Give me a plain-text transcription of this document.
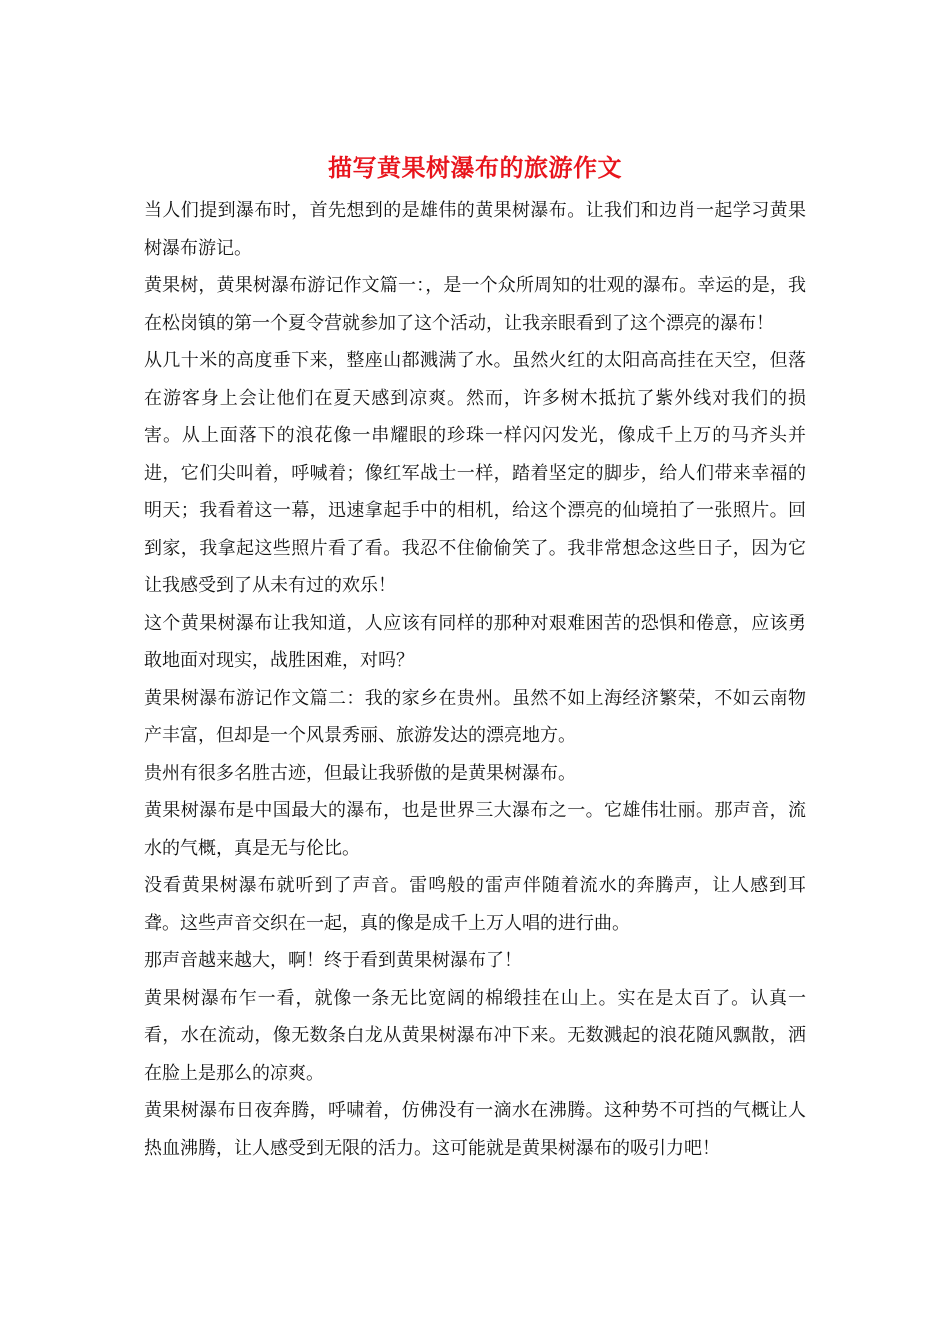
描写黄果树瀑布的旅游作文

当人们提到瀑布时，首先想到的是雄伟的黄果树瀑布。让我们和边肖一起学习黄果树瀑布游记。

黄果树，黄果树瀑布游记作文篇一：，是一个众所周知的壮观的瀑布。幸运的是，我在松岗镇的第一个夏令营就参加了这个活动，让我亲眼看到了这个漂亮的瀑布！

从几十米的高度垂下来，整座山都溅满了水。虽然火红的太阳高高挂在天空，但落在游客身上会让他们在夏天感到凉爽。然而，许多树木抵抗了紫外线对我们的损害。从上面落下的浪花像一串耀眼的珍珠一样闪闪发光，像成千上万的马齐头并进，它们尖叫着，呼喊着；像红军战士一样，踏着坚定的脚步，给人们带来幸福的明天；我看着这一幕，迅速拿起手中的相机，给这个漂亮的仙境拍了一张照片。回到家，我拿起这些照片看了看。我忍不住偷偷笑了。我非常想念这些日子，因为它让我感受到了从未有过的欢乐！

这个黄果树瀑布让我知道，人应该有同样的那种对艰难困苦的恐惧和倦意，应该勇敢地面对现实，战胜困难，对吗？

黄果树瀑布游记作文篇二：我的家乡在贵州。虽然不如上海经济繁荣，不如云南物产丰富，但却是一个风景秀丽、旅游发达的漂亮地方。

贵州有很多名胜古迹，但最让我骄傲的是黄果树瀑布。

黄果树瀑布是中国最大的瀑布，也是世界三大瀑布之一。它雄伟壮丽。那声音，流水的气概，真是无与伦比。

没看黄果树瀑布就听到了声音。雷鸣般的雷声伴随着流水的奔腾声，让人感到耳聋。这些声音交织在一起，真的像是成千上万人唱的进行曲。

那声音越来越大，啊！终于看到黄果树瀑布了！

黄果树瀑布乍一看，就像一条无比宽阔的棉缎挂在山上。实在是太百了。认真一看，水在流动，像无数条白龙从黄果树瀑布冲下来。无数溅起的浪花随风飘散，洒在脸上是那么的凉爽。

黄果树瀑布日夜奔腾，呼啸着，仿佛没有一滴水在沸腾。这种势不可挡的气概让人热血沸腾，让人感受到无限的活力。这可能就是黄果树瀑布的吸引力吧！
